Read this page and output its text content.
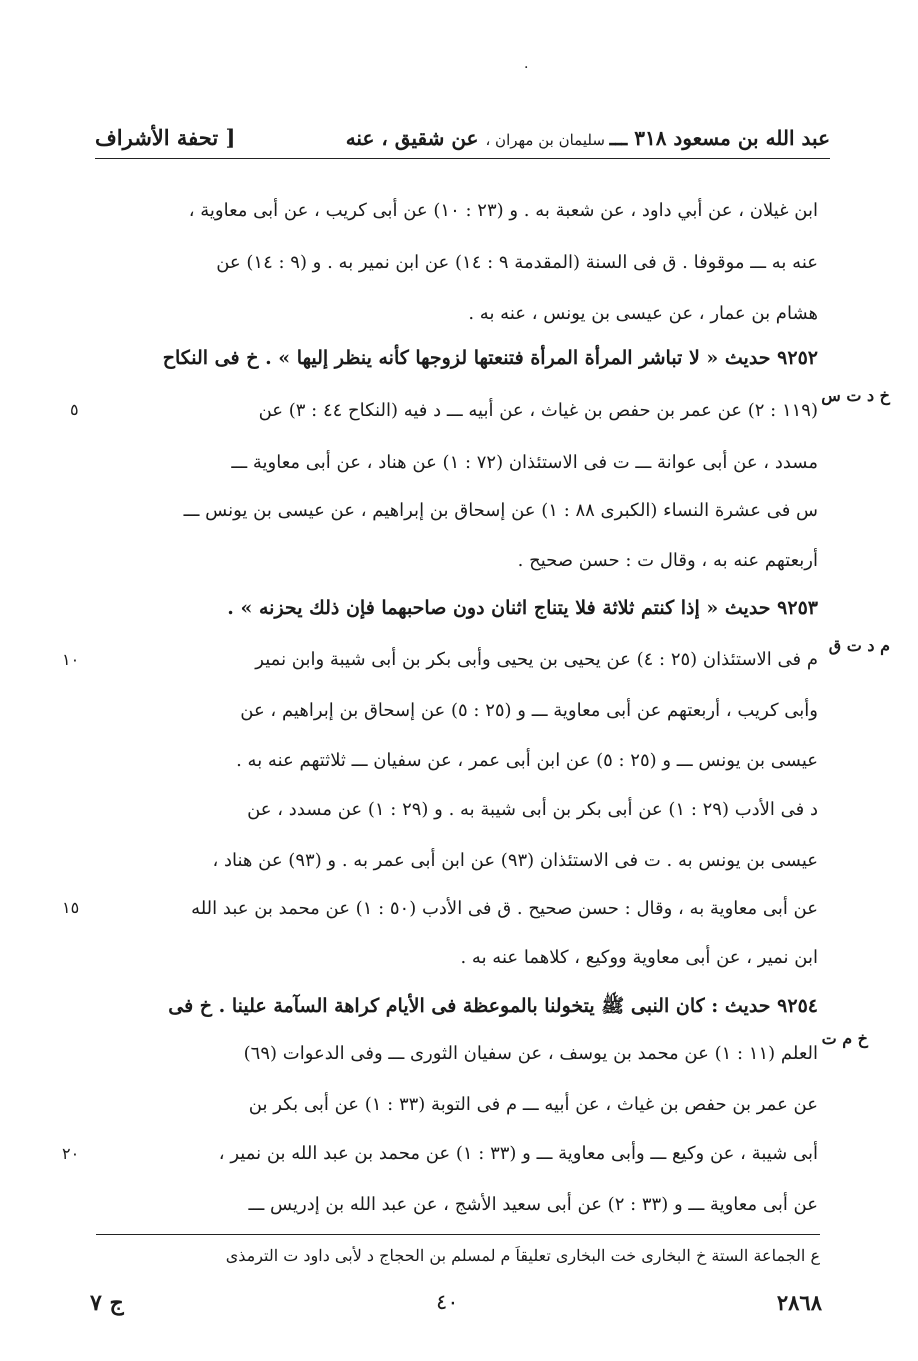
·
عبد الله بن مسعود ٣١٨ ـــ سليمان بن مهران ، عن شقيق ، عنه
[ تحفة الأشراف
ابن غيلان ، عن أبي داود ، عن شعبة به . و (٢٣ : ١٠) عن أبى كريب ، عن أبى معاوية ،
عنه به ـــ موقوفا . ق فى السنة (المقدمة ٩ : ١٤) عن ابن نمير به . و (٩ : ١٤) عن
هشام بن عمار ، عن عيسى بن يونس ، عنه به .
٩٢٥٢ حديث « لا تباشر المرأة المرأة فتنعتها لزوجها كأنه ينظر إليها » . خ فى النكاح
(١١٩ : ٢) عن عمر بن حفص بن غياث ، عن أبيه ـــ د فيه (النكاح ٤٤ : ٣) عن
مسدد ، عن أبى عوانة ـــ ت فى الاستئذان (٧٢ : ١) عن هناد ، عن أبى معاوية ـــ
س فى عشرة النساء (الكبرى ٨٨ : ١) عن إسحاق بن إبراهيم ، عن عيسى بن يونس ـــ
أربعتهم عنه به ، وقال ت : حسن صحيح .
٩٢٥٣ حديث « إذا كنتم ثلاثة فلا يتناج اثنان دون صاحبهما فإن ذلك يحزنه » .
م فى الاستئذان (٢٥ : ٤) عن يحيى بن يحيى وأبى بكر بن أبى شيبة وابن نمير
وأبى كريب ، أربعتهم عن أبى معاوية ـــ و (٢٥ : ٥) عن إسحاق بن إبراهيم ، عن
عيسى بن يونس ـــ و (٢٥ : ٥) عن ابن أبى عمر ، عن سفيان ـــ ثلاثتهم عنه به .
د فى الأدب (٢٩ : ١) عن أبى بكر بن أبى شيبة به . و (٢٩ : ١) عن مسدد ، عن
عيسى بن يونس به . ت فى الاستئذان (٩٣) عن ابن أبى عمر به . و (٩٣) عن هناد ،
عن أبى معاوية به ، وقال : حسن صحيح . ق فى الأدب (٥٠ : ١) عن محمد بن عبد الله
ابن نمير ، عن أبى معاوية ووكيع ، كلاهما عنه به .
٩٢٥٤ حديث : كان النبى ﷺ يتخولنا بالموعظة فى الأيام كراهة السآمة علينا . خ فى
العلم (١١ : ١) عن محمد بن يوسف ، عن سفيان الثورى ـــ وفى الدعوات (٦٩)
عن عمر بن حفص بن غياث ، عن أبيه ـــ م فى التوبة (٣٣ : ١) عن أبى بكر بن
أبى شيبة ، عن وكيع ـــ وأبى معاوية ـــ و (٣٣ : ١) عن محمد بن عبد الله بن نمير ،
عن أبى معاوية ـــ و (٣٣ : ٢) عن أبى سعيد الأشج ، عن عبد الله بن إدريس ـــ
خ د ت س
م د ت ق
خ م ت
٥
١٠
١٥
٢٠
ع الجماعة الستة خ البخارى خت البخارى تعليقاً م لمسلم بن الحجاج د لأبى داود ت الترمذى
ج ٧	٤٠	٢٨٦٨
